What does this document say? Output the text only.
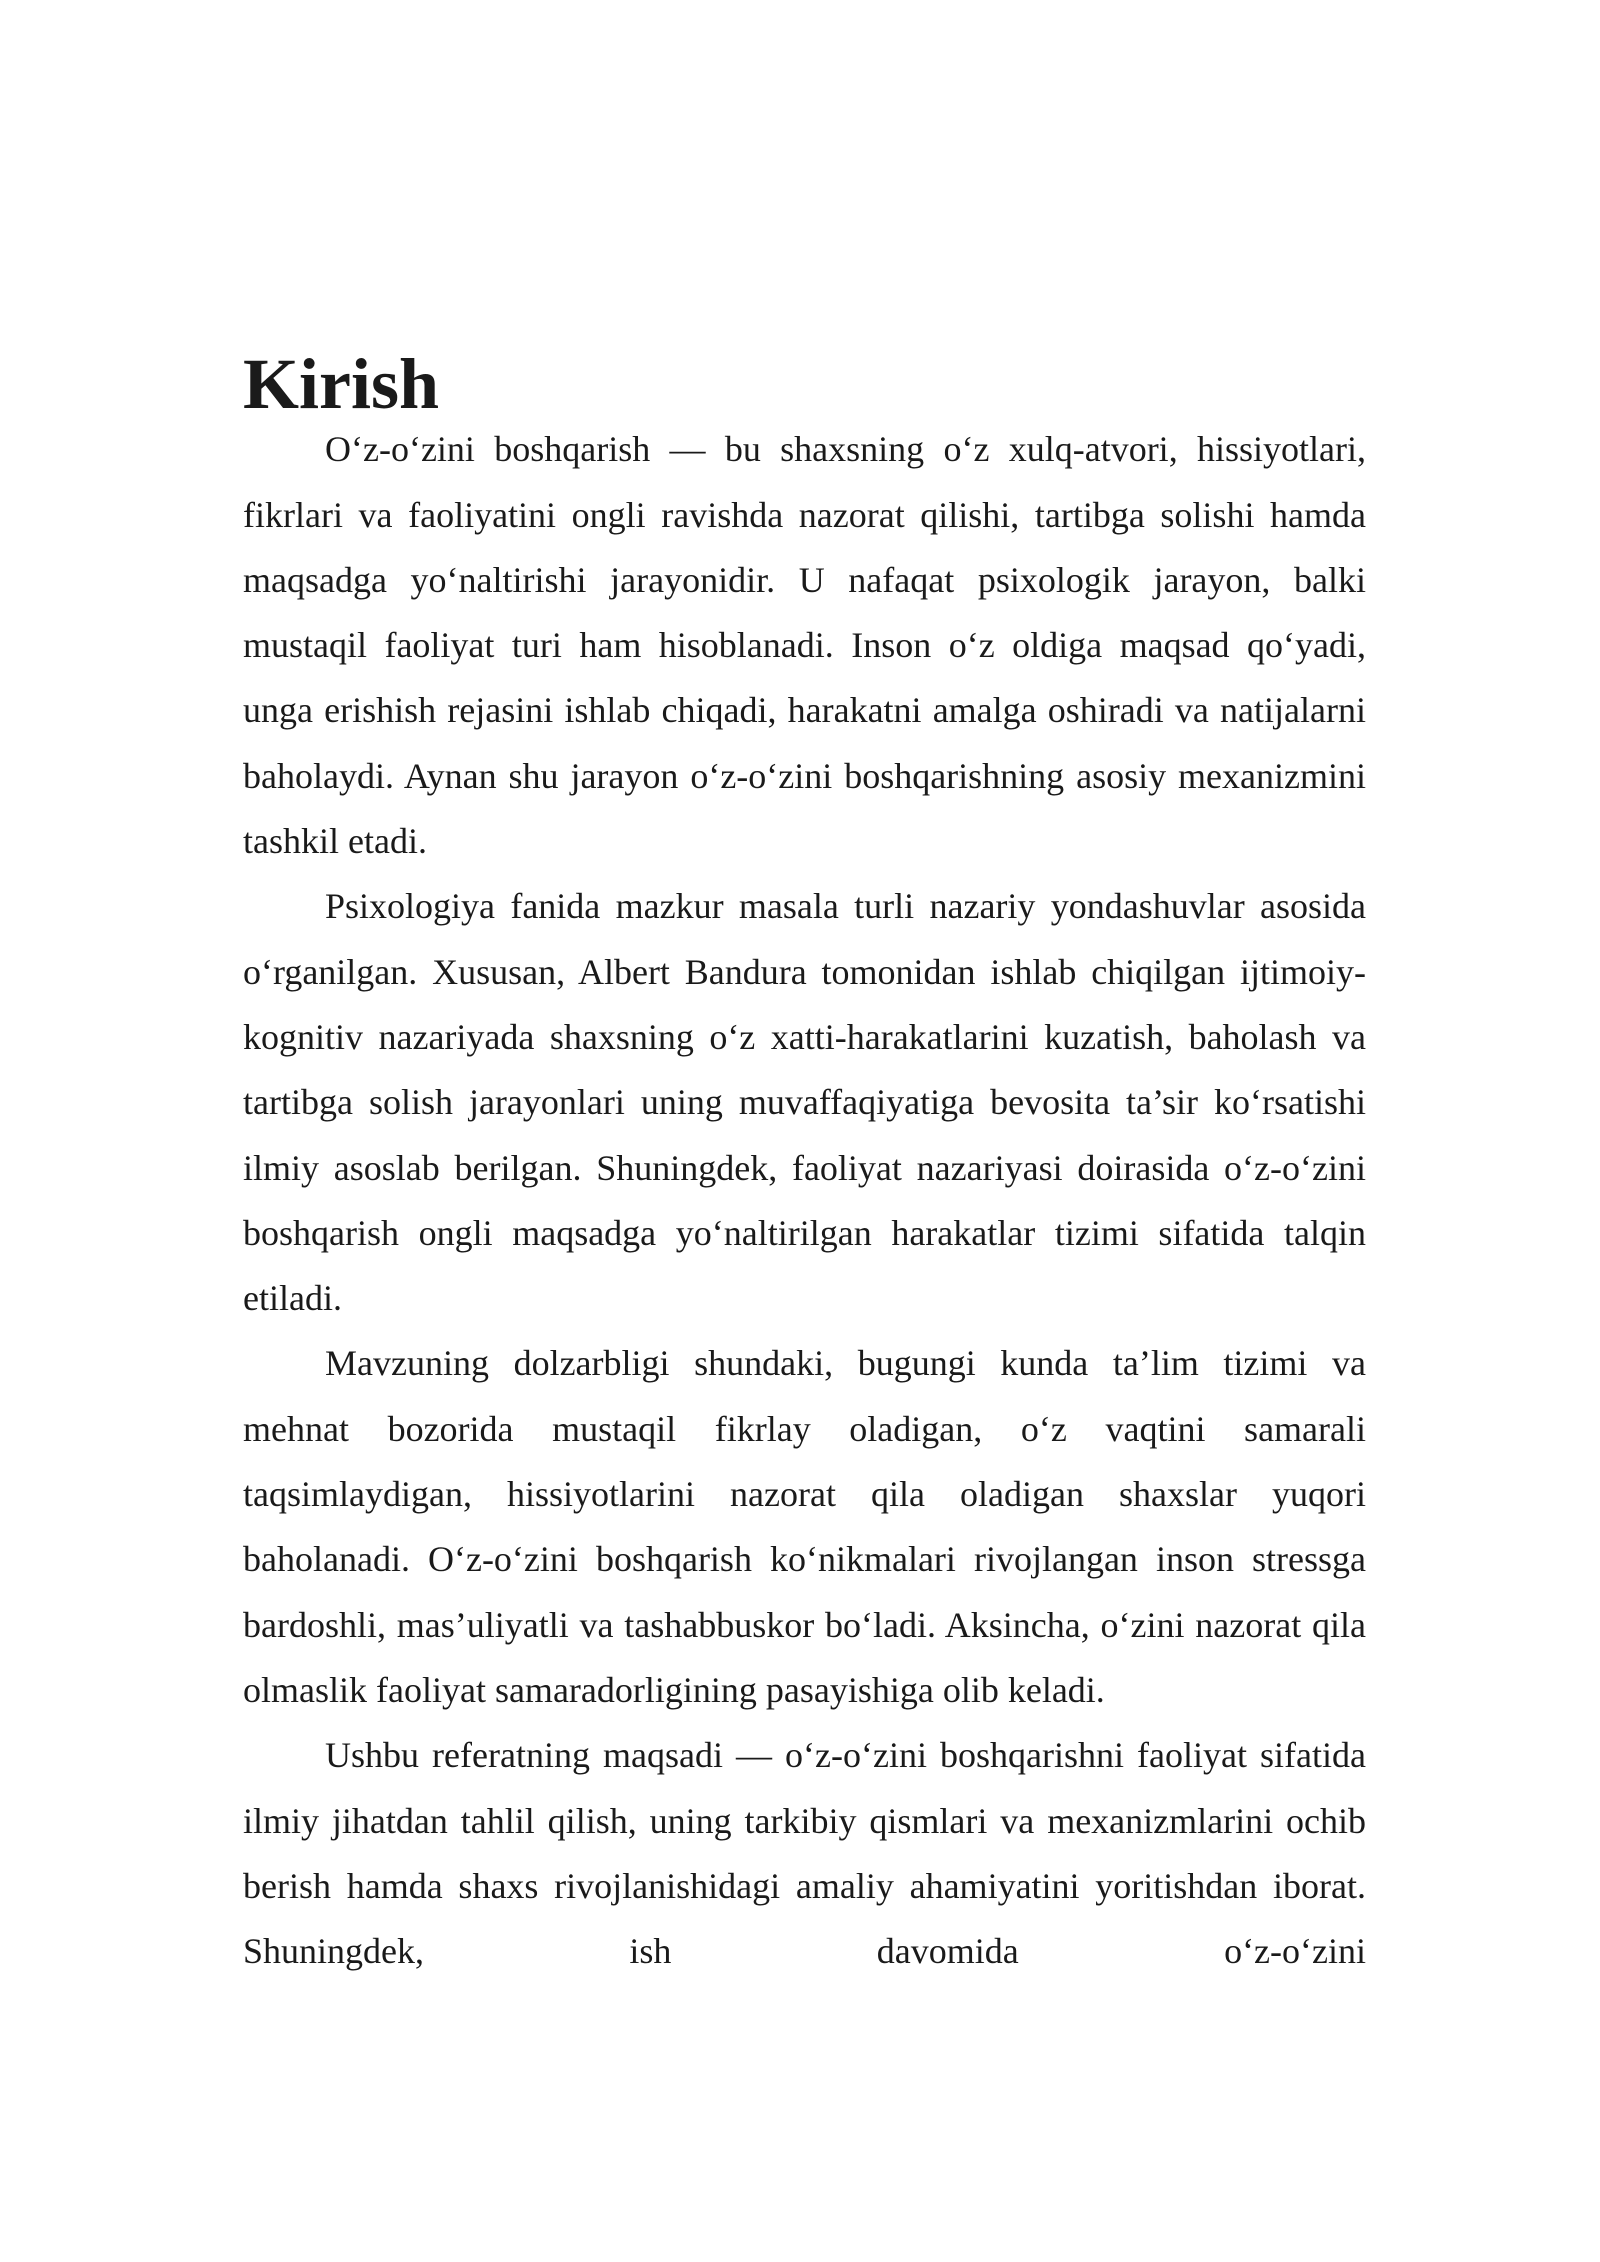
Kirish

O‘z-o‘zini boshqarish — bu shaxsning o‘z xulq-atvori, hissiyotlari, fikrlari va faoliyatini ongli ravishda nazorat qilishi, tartibga solishi hamda maqsadga yo‘naltirishi jarayonidir. U nafaqat psixologik jarayon, balki mustaqil faoliyat turi ham hisoblanadi. Inson o‘z oldiga maqsad qo‘yadi, unga erishish rejasini ishlab chiqadi, harakatni amalga oshiradi va natijalarni baholaydi. Aynan shu jarayon o‘z-o‘zini boshqarishning asosiy mexanizmini tashkil etadi.

Psixologiya fanida mazkur masala turli nazariy yondashuvlar asosida o‘rganilgan. Xususan, Albert Bandura tomonidan ishlab chiqilgan ijtimoiy-kognitiv nazariyada shaxsning o‘z xatti-harakatlarini kuzatish, baholash va tartibga solish jarayonlari uning muvaffaqiyatiga bevosita ta’sir ko‘rsatishi ilmiy asoslab berilgan. Shuningdek, faoliyat nazariyasi doirasida o‘z-o‘zini boshqarish ongli maqsadga yo‘naltirilgan harakatlar tizimi sifatida talqin etiladi.

Mavzuning dolzarbligi shundaki, bugungi kunda ta’lim tizimi va mehnat bozorida mustaqil fikrlay oladigan, o‘z vaqtini samarali taqsimlaydigan, hissiyotlarini nazorat qila oladigan shaxslar yuqori baholanadi. O‘z-o‘zini boshqarish ko‘nikmalari rivojlangan inson stressga bardoshli, mas’uliyatli va tashabbuskor bo‘ladi. Aksincha, o‘zini nazorat qila olmaslik faoliyat samaradorligining pasayishiga olib keladi.

Ushbu referatning maqsadi — o‘z-o‘zini boshqarishni faoliyat sifatida ilmiy jihatdan tahlil qilish, uning tarkibiy qismlari va mexanizmlarini ochib berish hamda shaxs rivojlanishidagi amaliy ahamiyatini yoritishdan iborat. Shuningdek, ish davomida o‘z-o‘zini
